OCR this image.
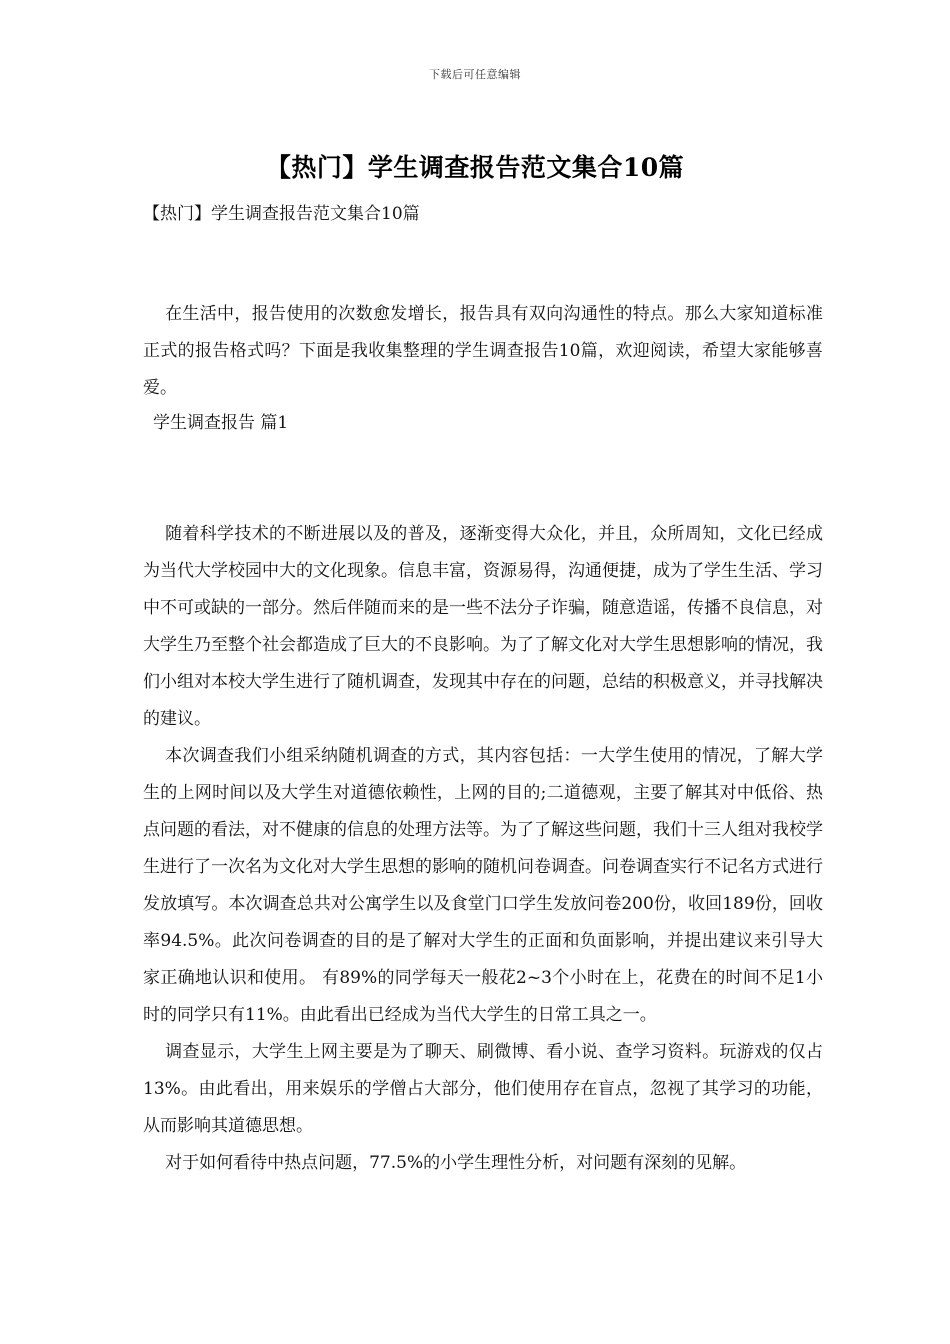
下载后可任意编辑
【热门】学生调查报告范文集合10篇
【热门】学生调查报告范文集合10篇

在生活中，报告使用的次数愈发增长，报告具有双向沟通性的特点。那么大家知道标准正式的报告格式吗？下面是我收集整理的学生调查报告10篇，欢迎阅读，希望大家能够喜爱。

学生调查报告 篇1

随着科学技术的不断进展以及的普及，逐渐变得大众化，并且，众所周知，文化已经成为当代大学校园中大的文化现象。信息丰富，资源易得，沟通便捷，成为了学生生活、学习中不可或缺的一部分。然后伴随而来的是一些不法分子诈骗，随意造谣，传播不良信息，对大学生乃至整个社会都造成了巨大的不良影响。为了了解文化对大学生思想影响的情况，我们小组对本校大学生进行了随机调查，发现其中存在的问题，总结的积极意义，并寻找解决的建议。

本次调查我们小组采纳随机调查的方式，其内容包括：一大学生使用的情况，了解大学生的上网时间以及大学生对道德依赖性，上网的目的;二道德观，主要了解其对中低俗、热点问题的看法，对不健康的信息的处理方法等。为了了解这些问题，我们十三人组对我校学生进行了一次名为文化对大学生思想的影响的随机问卷调查。问卷调查实行不记名方式进行发放填写。本次调查总共对公寓学生以及食堂门口学生发放问卷200份，收回189份，回收率94.5%。此次问卷调查的目的是了解对大学生的正面和负面影响，并提出建议来引导大家正确地认识和使用。 有89%的同学每天一般花2~3个小时在上，花费在的时间不足1小时的同学只有11%。由此看出已经成为当代大学生的日常工具之一。

调查显示，大学生上网主要是为了聊天、刷微博、看小说、查学习资料。玩游戏的仅占13%。由此看出，用来娱乐的学僧占大部分，他们使用存在盲点，忽视了其学习的功能，从而影响其道德思想。

对于如何看待中热点问题，77.5%的小学生理性分析，对问题有深刻的见解。
